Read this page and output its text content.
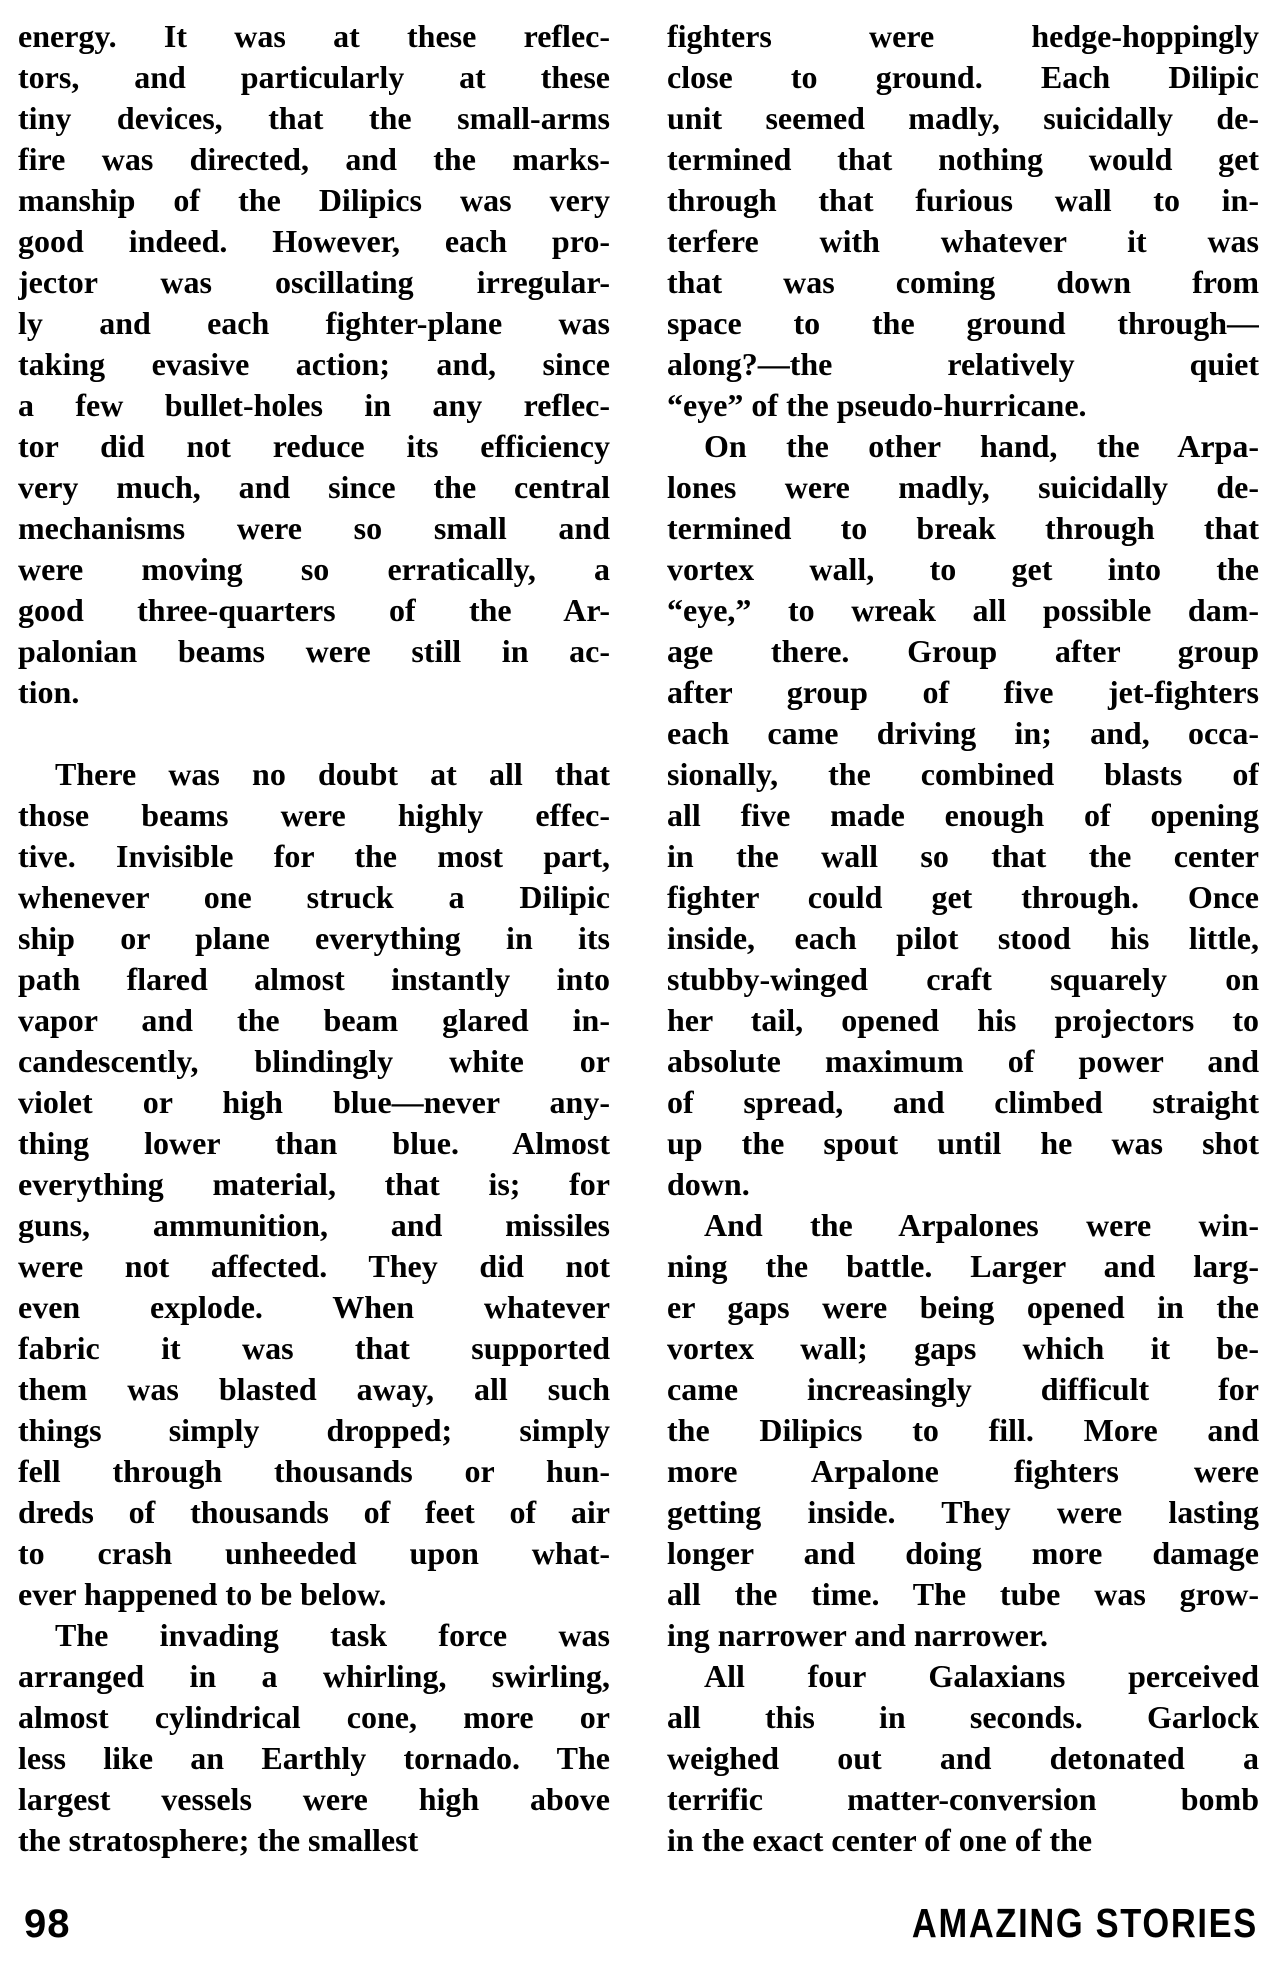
energy. It was at these reflec-
tors, and particularly at these
tiny devices, that the small-arms
fire was directed, and the marks-
manship of the Dilipics was very
good indeed. However, each pro-
jector was oscillating irregular-
ly and each fighter-plane was
taking evasive action; and, since
a few bullet-holes in any reflec-
tor did not reduce its efficiency
very much, and since the central
mechanisms were so small and
were moving so erratically, a
good three-quarters of the Ar-
palonian beams were still in ac-
tion.
There was no doubt at all that
those beams were highly effec-
tive. Invisible for the most part,
whenever one struck a Dilipic
ship or plane everything in its
path flared almost instantly into
vapor and the beam glared in-
candescently, blindingly white or
violet or high blue—never any-
thing lower than blue. Almost
everything material, that is; for
guns, ammunition, and missiles
were not affected. They did not
even explode. When whatever
fabric it was that supported
them was blasted away, all such
things simply dropped; simply
fell through thousands or hun-
dreds of thousands of feet of air
to crash unheeded upon what-
ever happened to be below.
The invading task force was
arranged in a whirling, swirling,
almost cylindrical cone, more or
less like an Earthly tornado. The
largest vessels were high above
the stratosphere; the smallest
fighters were hedge-hoppingly
close to ground. Each Dilipic
unit seemed madly, suicidally de-
termined that nothing would get
through that furious wall to in-
terfere with whatever it was
that was coming down from
space to the ground through—
along?—the relatively quiet
“eye” of the pseudo-hurricane.
On the other hand, the Arpa-
lones were madly, suicidally de-
termined to break through that
vortex wall, to get into the
“eye,” to wreak all possible dam-
age there. Group after group
after group of five jet-fighters
each came driving in; and, occa-
sionally, the combined blasts of
all five made enough of opening
in the wall so that the center
fighter could get through. Once
inside, each pilot stood his little,
stubby-winged craft squarely on
her tail, opened his projectors to
absolute maximum of power and
of spread, and climbed straight
up the spout until he was shot
down.
And the Arpalones were win-
ning the battle. Larger and larg-
er gaps were being opened in the
vortex wall; gaps which it be-
came increasingly difficult for
the Dilipics to fill. More and
more Arpalone fighters were
getting inside. They were lasting
longer and doing more damage
all the time. The tube was grow-
ing narrower and narrower.
All four Galaxians perceived
all this in seconds. Garlock
weighed out and detonated a
terrific matter-conversion bomb
in the exact center of one of the
98	AMAZING STORIES
